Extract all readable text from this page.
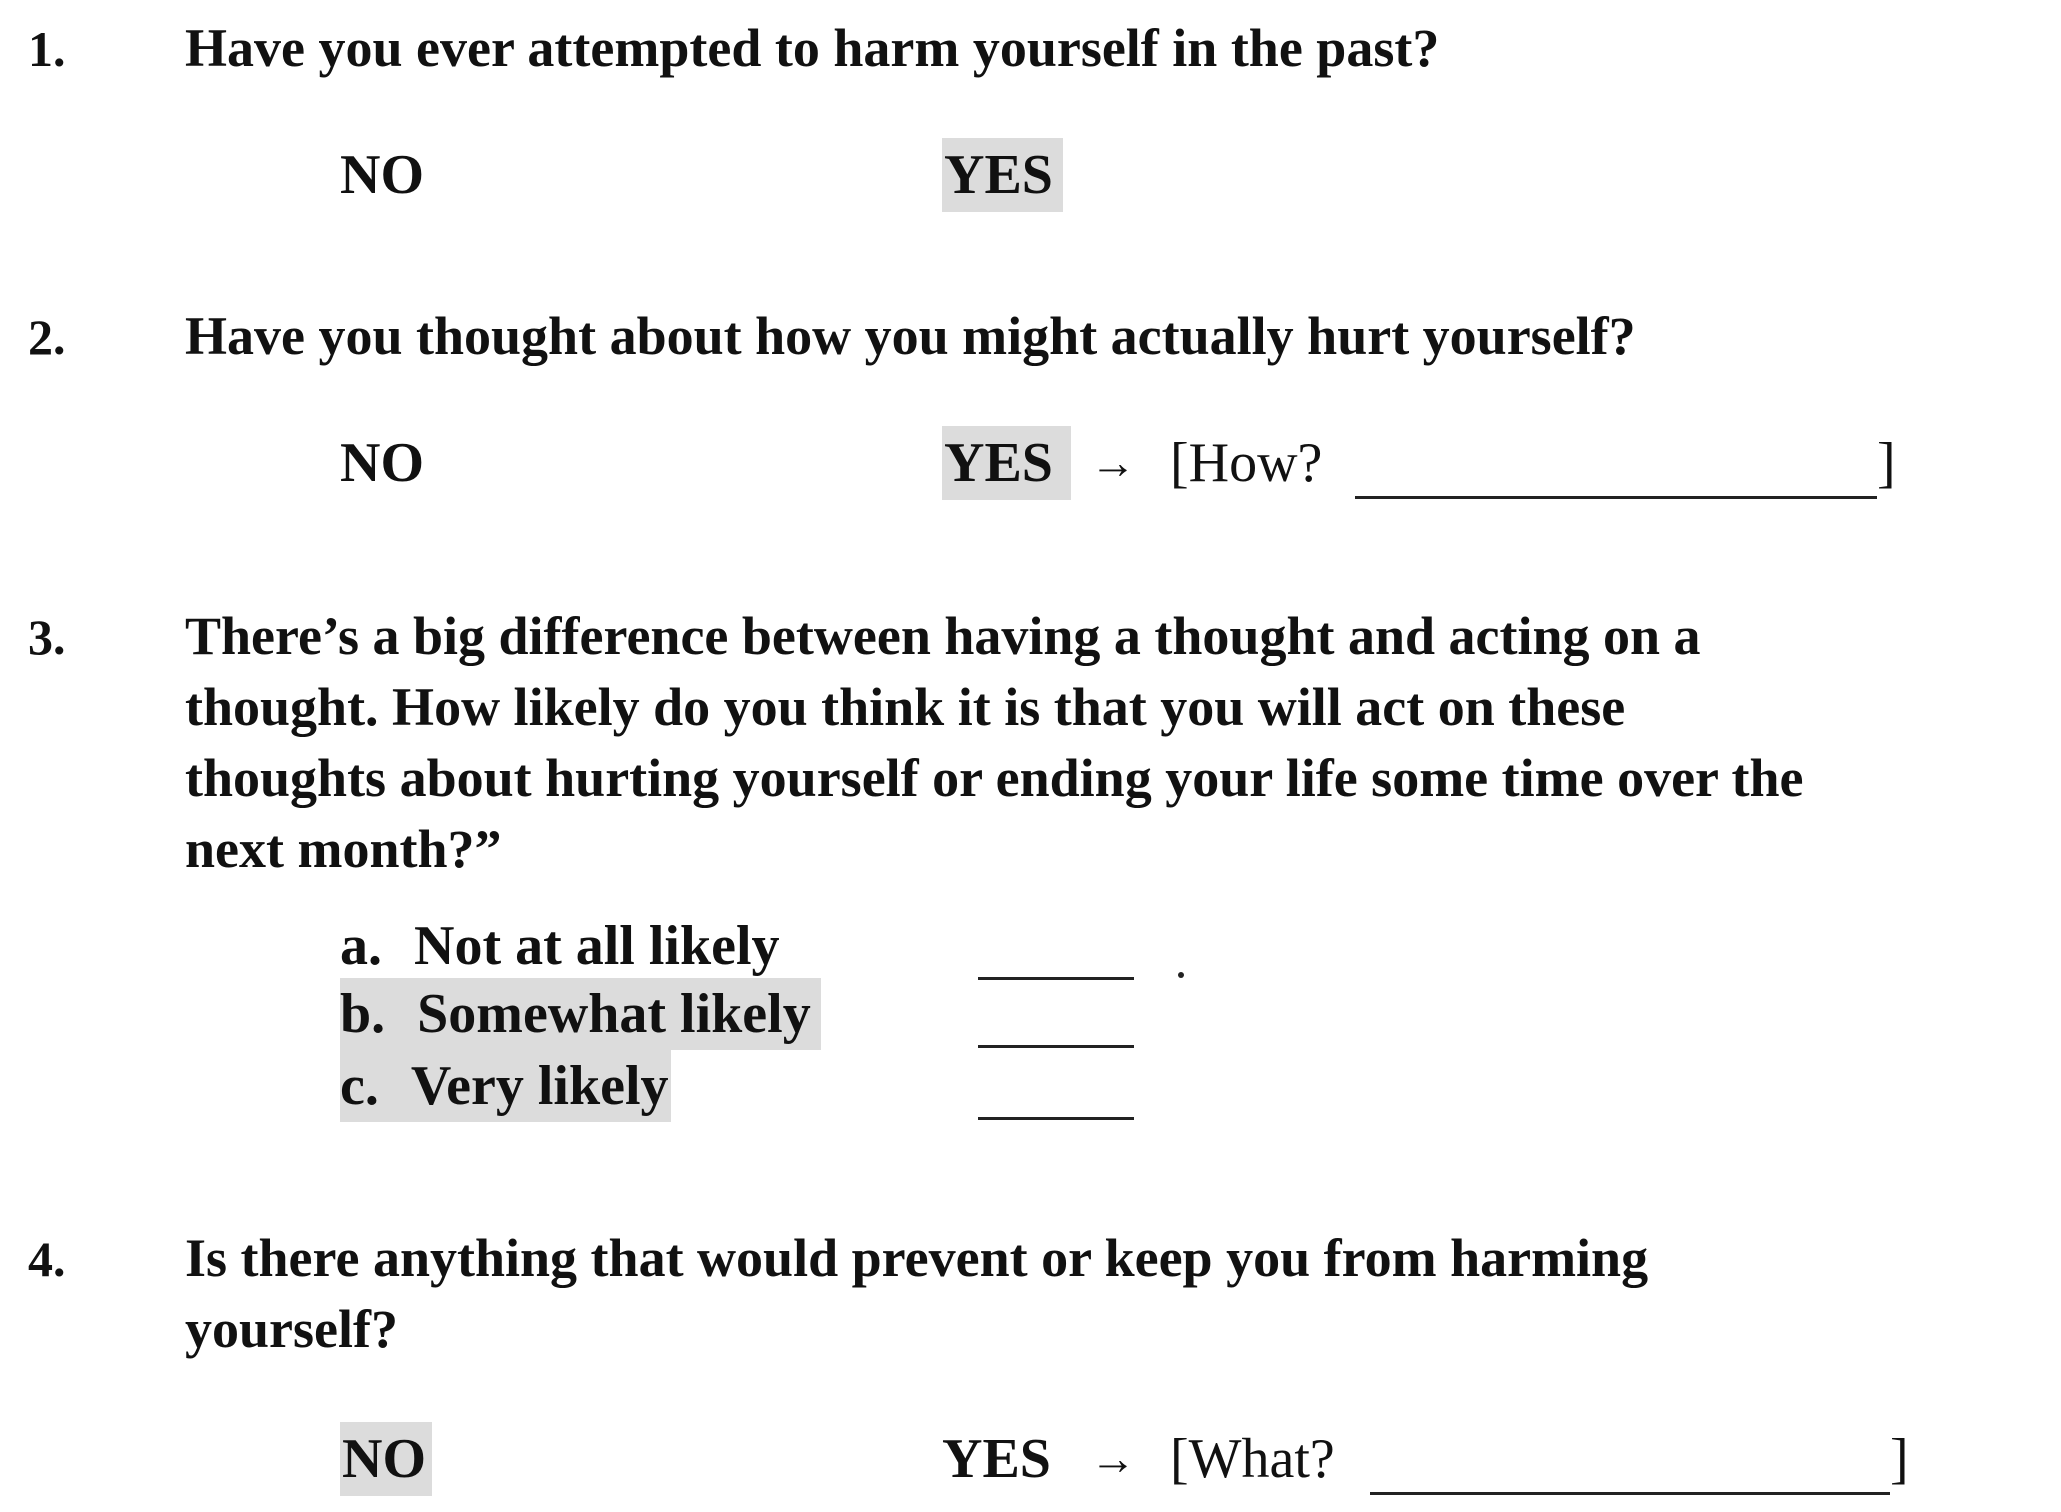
1. Have you ever attempted to harm yourself in the past?
NO	YES
2. Have you thought about how you might actually hurt yourself?
NO	YES → [How?	]
3. There’s a big difference between having a thought and acting on a
thought. How likely do you think it is that you will act on these
thoughts about hurting yourself or ending your life some time over the
next month?”
a. Not at all likely
b. Somewhat likely
c. Very likely
4. Is there anything that would prevent or keep you from harming
yourself?
NO	YES → [What?	]
